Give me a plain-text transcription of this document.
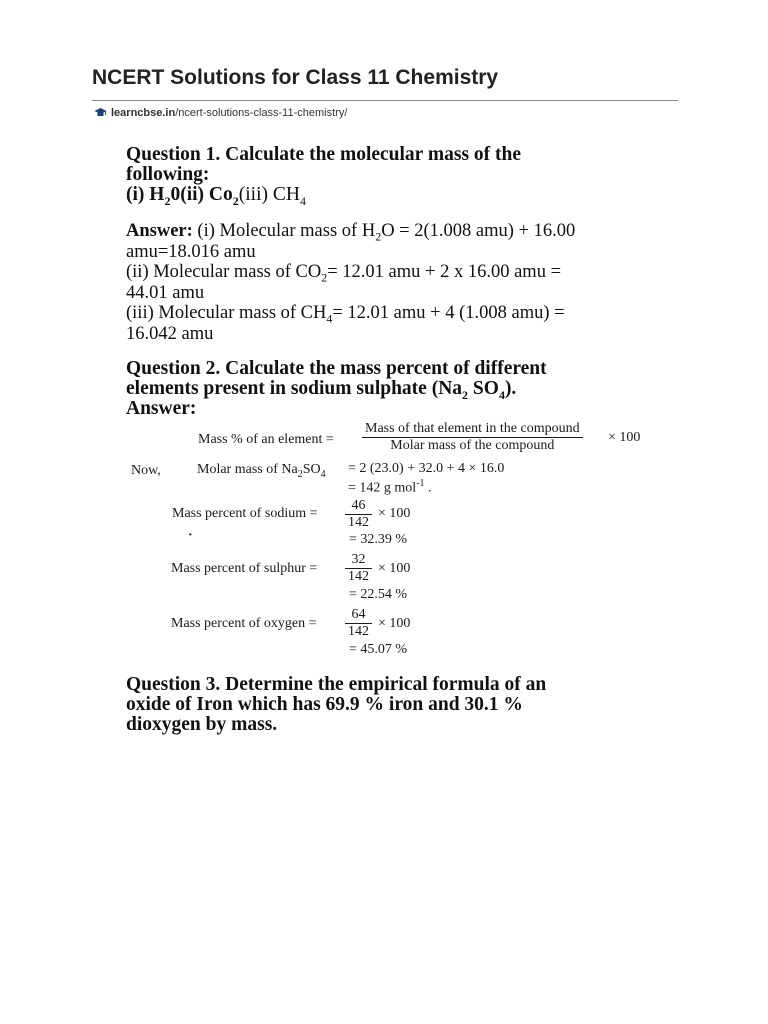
NCERT Solutions for Class 11 Chemistry
learncbse.in/ncert-solutions-class-11-chemistry/

Question 1. Calculate the molecular mass of the

following:

(i) $H_20(ii)$ $Co_2(iii)$ $CH_4$

Answer: (i) Molecular mass of $H_2O = 2(1.008$ amu) + 16.00

amu=18.016 amu

(ii) Molecular mass of $CO_2= 12.01$ amu + 2 x 16.00 amu =

44.01 amu

(iii) Molecular mass of $CH_4= 12.01$ amu + 4 (1.008 amu) =

16.042 amu

Question 2. Calculate the mass percent of different

elements present in sodium sulphate ($Na_2$ $SO_4$).

Answer:

Question 3. Determine the empirical formula of an

oxide of Iron which has 69.9 % iron and 30.1 %

dioxygen by mass.

Mass % of an element =
Mass of that element in the compound
Molar mass of the compound
× 100
Now,	Molar mass of $Na_2SO_4 = 2$ (23.0) + 32.0 + 4 × 16.0
= 142 g mol$^{-1}$ .
Mass percent of sodium =
46
142
× 100
= 32.39 %
·
Mass percent of sulphur =
32
142
× 100
= 22.54 %
Mass percent of oxygen =
64
142
× 100
= 45.07 %
